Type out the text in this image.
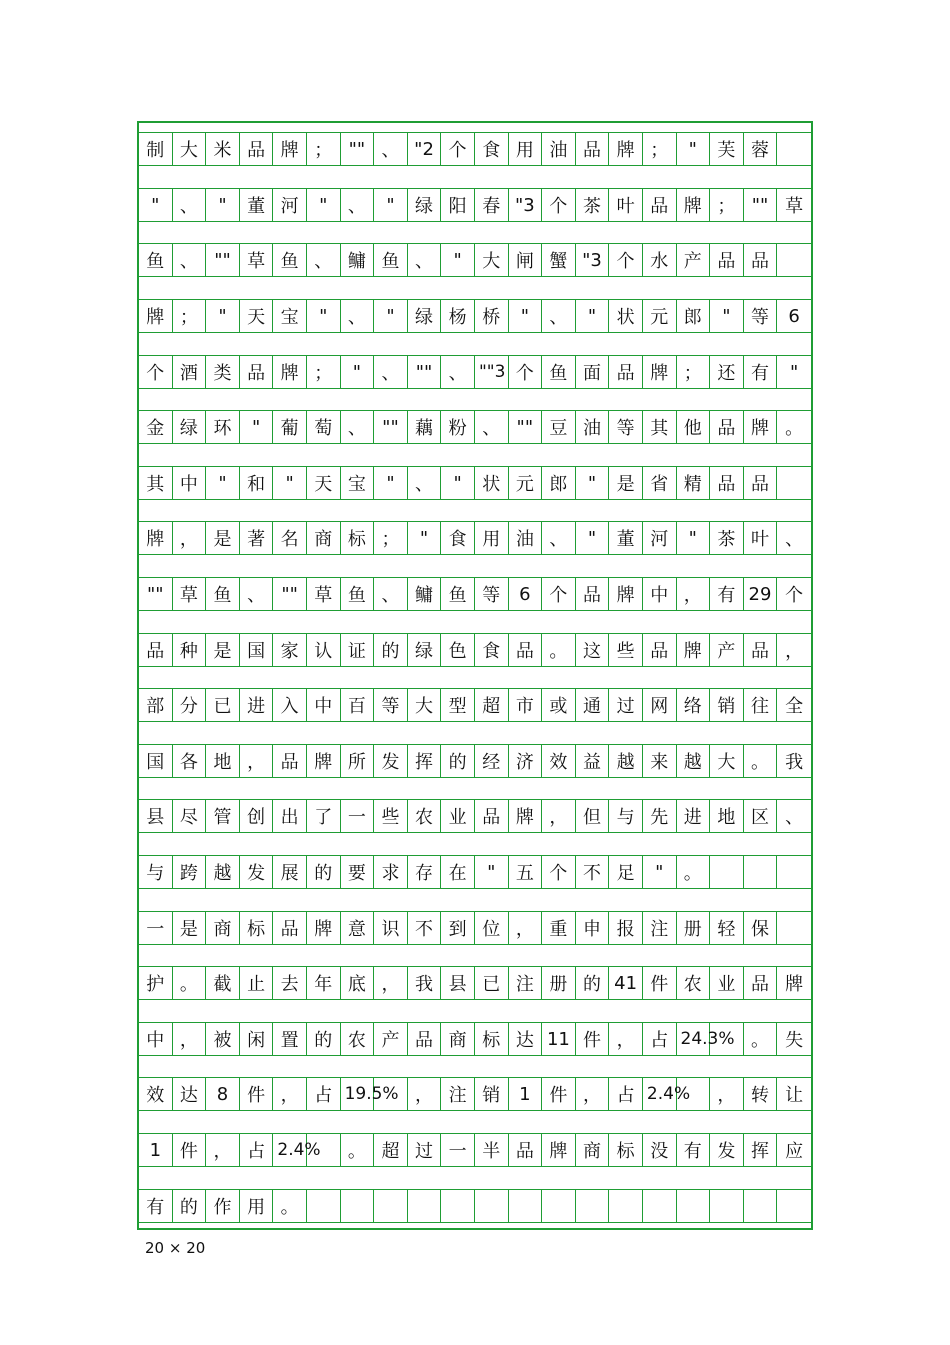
制 大 米 品 牌 ； "" 、 "2 个 食 用 油 品 牌 ；	"	芙 蓉
"	、	"	董 河	"	、	"	绿 阳 春 "3 个 茶 叶 品 牌 ； "" 草
鱼 、 "" 草 鱼 、 鳙 鱼 、	"	大 闸 蟹 "3 个 水 产 品 品
牌 ；	"	天 宝	"	、	"	绿 杨 桥	"	、	"	状 元 郎	"	等	6
个 酒 类 品 牌 ；	"	、 "" 、 ""3 个 鱼 面 品 牌 ； 还 有	"
金 绿 环	"	葡 萄 、 "" 藕 粉 、 "" 豆 油 等 其 他 品 牌 。
其 中	"	和	"	天 宝	"	、	"	状 元 郎	"	是 省 精 品 品
牌 ， 是 著 名 商 标 ；	"	食 用 油 、	"	董 河	"	茶 叶 、
"" 草 鱼 、 "" 草 鱼 、 鳙 鱼 等	6	个 品 牌 中 ， 有 29 个
品 种 是 国 家 认 证 的 绿 色 食 品 。 这 些 品 牌 产 品 ，
部 分 已 进 入 中 百 等 大 型 超 市 或 通 过 网 络 销 往 全
国 各 地 ， 品 牌 所 发 挥 的 经 济 效 益 越 来 越 大 。 我
县 尽 管 创 出 了 一 些 农 业 品 牌 ， 但 与 先 进 地 区 、
与 跨 越 发 展 的 要 求 存 在	"	五 个 不 足	"	。
一 是 商 标 品 牌 意 识 不 到 位 ， 重 申 报 注 册 轻 保
护 。 截 止 去 年 底 ， 我 县 已 注 册 的 41 件 农 业 品 牌
中 ， 被 闲 置 的 农 产 品 商 标 达 11 件 ， 占 24.3% 。 失
效 达	8	件 ， 占 19.5% ， 注 销	1	件 ， 占 2.4%	， 转 让
1	件 ， 占 2.4%	。 超 过 一 半 品 牌 商 标 没 有 发 挥 应
有 的 作 用 。
20 × 20
